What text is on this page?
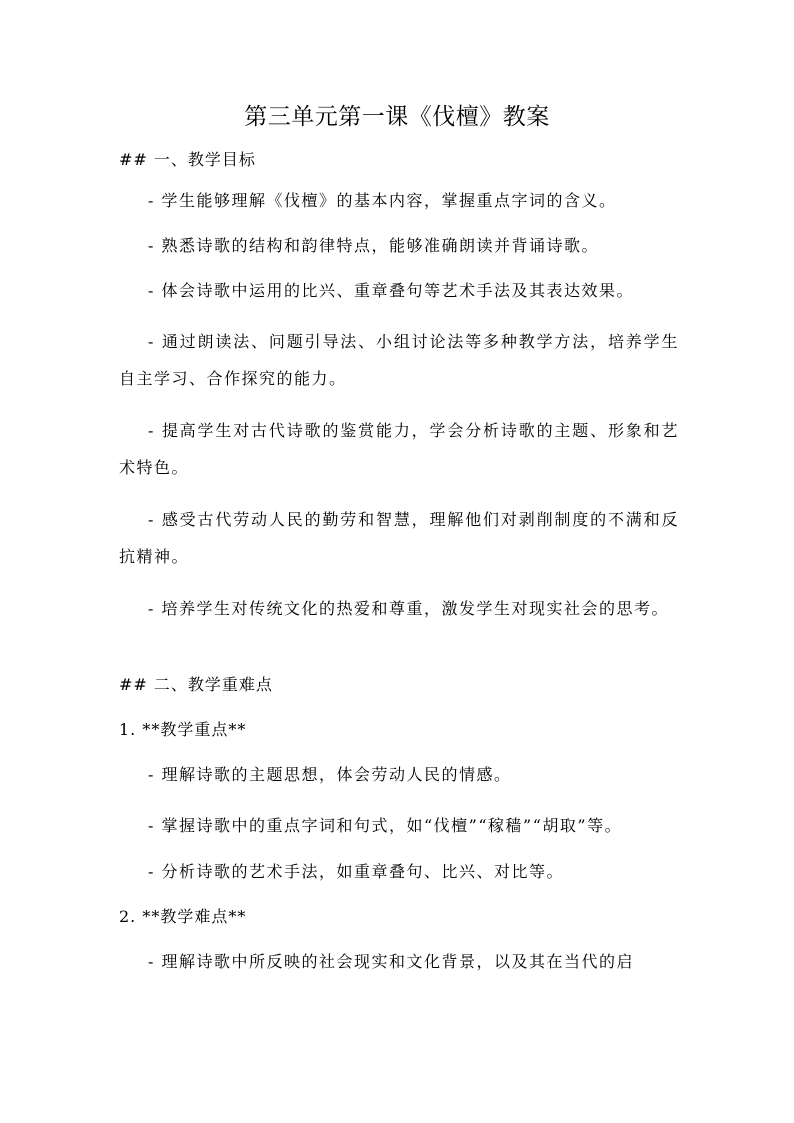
第三单元第一课《伐檀》教案

## 一、教学目标

- 学生能够理解《伐檀》的基本内容，掌握重点字词的含义。

- 熟悉诗歌的结构和韵律特点，能够准确朗读并背诵诗歌。

- 体会诗歌中运用的比兴、重章叠句等艺术手法及其表达效果。

- 通过朗读法、问题引导法、小组讨论法等多种教学方法，培养学生自主学习、合作探究的能力。

- 提高学生对古代诗歌的鉴赏能力，学会分析诗歌的主题、形象和艺术特色。

- 感受古代劳动人民的勤劳和智慧，理解他们对剥削制度的不满和反抗精神。

- 培养学生对传统文化的热爱和尊重，激发学生对现实社会的思考。

## 二、教学重难点

1. **教学重点**

- 理解诗歌的主题思想，体会劳动人民的情感。

- 掌握诗歌中的重点字词和句式，如“伐檀”“稼穑”“胡取”等。

- 分析诗歌的艺术手法，如重章叠句、比兴、对比等。

2. **教学难点**

- 理解诗歌中所反映的社会现实和文化背景，以及其在当代的启
